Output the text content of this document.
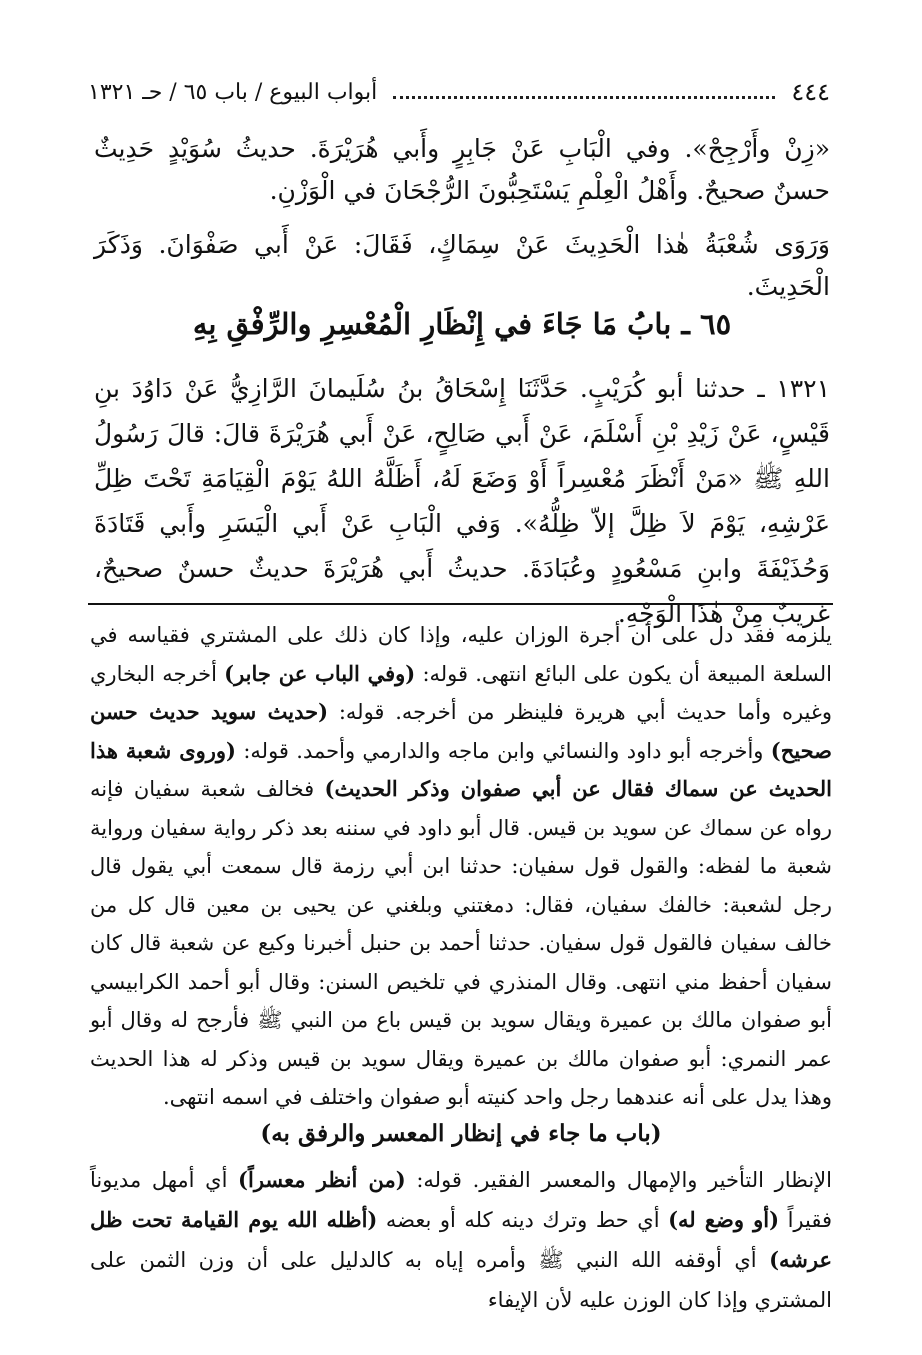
٤٤٤
أبواب البيوع / باب ٦٥ / حـ ١٣٢١

«زِنْ وأَرْجِحْ». وفي الْبَابِ عَنْ جَابِرٍ وأَبي هُرَيْرَةَ. حديثُ سُوَيْدٍ حَدِيثٌ حسنٌ صحيحٌ. وأَهْلُ الْعِلْمِ يَسْتَحِبُّونَ الرُّجْحَانَ في الْوَزْنِ.

وَرَوَى شُعْبَةُ هٰذا الْحَدِيثَ عَنْ سِمَاكٍ، فَقَالَ: عَنْ أَبي صَفْوَانَ. وَذَكَرَ الْحَدِيثَ.

٦٥ ـ بابُ مَا جَاءَ في إِنْظَارِ الْمُعْسِرِ والرِّفْقِ بِهِ

١٣٢١ ـ حدثنا أبو كُرَيْبٍ. حَدَّثَنَا إِسْحَاقُ بنُ سُلَيمانَ الرَّازِيُّ عَنْ دَاوُدَ بنِ قَيْسٍ، عَنْ زَيْدِ بْنِ أَسْلَمَ، عَنْ أَبي صَالِحٍ، عَنْ أَبي هُرَيْرَةَ قالَ: قالَ رَسُولُ اللهِ ﷺ «مَنْ أَنْظَرَ مُعْسِراً أَوْ وَضَعَ لَهُ، أَظَلَّهُ اللهُ يَوْمَ الْقِيَامَةِ تَحْتَ ظِلِّ عَرْشِهِ، يَوْمَ لاَ ظِلَّ إلاّ ظِلُّهُ». وَفي الْبَابِ عَنْ أَبي الْيَسَرِ وأَبي قَتَادَةَ وَحُذَيْفَةَ وابنِ مَسْعُودٍ وعُبَادَةَ. حديثُ أَبي هُرَيْرَةَ حديثٌ حسنٌ صحيحٌ، غريبٌ مِنْ هٰذَا الْوَجْهِ.

يلزمه فقد دل على أن أجرة الوزان عليه، وإذا كان ذلك على المشتري فقياسه في السلعة المبيعة أن يكون على البائع انتهى. قوله: (وفي الباب عن جابر) أخرجه البخاري وغيره وأما حديث أبي هريرة فلينظر من أخرجه. قوله: (حديث سويد حديث حسن صحيح) وأخرجه أبو داود والنسائي وابن ماجه والدارمي وأحمد. قوله: (وروى شعبة هذا الحديث عن سماك فقال عن أبي صفوان وذكر الحديث) فخالف شعبة سفيان فإنه رواه عن سماك عن سويد بن قيس. قال أبو داود في سننه بعد ذكر رواية سفيان ورواية شعبة ما لفظه: والقول قول سفيان: حدثنا ابن أبي رزمة قال سمعت أبي يقول قال رجل لشعبة: خالفك سفيان، فقال: دمغتني وبلغني عن يحيى بن معين قال كل من خالف سفيان فالقول قول سفيان. حدثنا أحمد بن حنبل أخبرنا وكيع عن شعبة قال كان سفيان أحفظ مني انتهى. وقال المنذري في تلخيص السنن: وقال أبو أحمد الكرابيسي أبو صفوان مالك بن عميرة ويقال سويد بن قيس باع من النبي ﷺ فأرجح له وقال أبو عمر النمري: أبو صفوان مالك بن عميرة ويقال سويد بن قيس وذكر له هذا الحديث وهذا يدل على أنه عندهما رجل واحد كنيته أبو صفوان واختلف في اسمه انتهى.

(باب ما جاء في إنظار المعسر والرفق به)

الإنظار التأخير والإمهال والمعسر الفقير. قوله: (من أنظر معسراً) أي أمهل مديوناً فقيراً (أو وضع له) أي حط وترك دينه كله أو بعضه (أظله الله يوم القيامة تحت ظل عرشه) أي أوقفه الله النبي ﷺ وأمره إياه به كالدليل على أن وزن الثمن على المشتري وإذا كان الوزن عليه لأن الإيفاء
